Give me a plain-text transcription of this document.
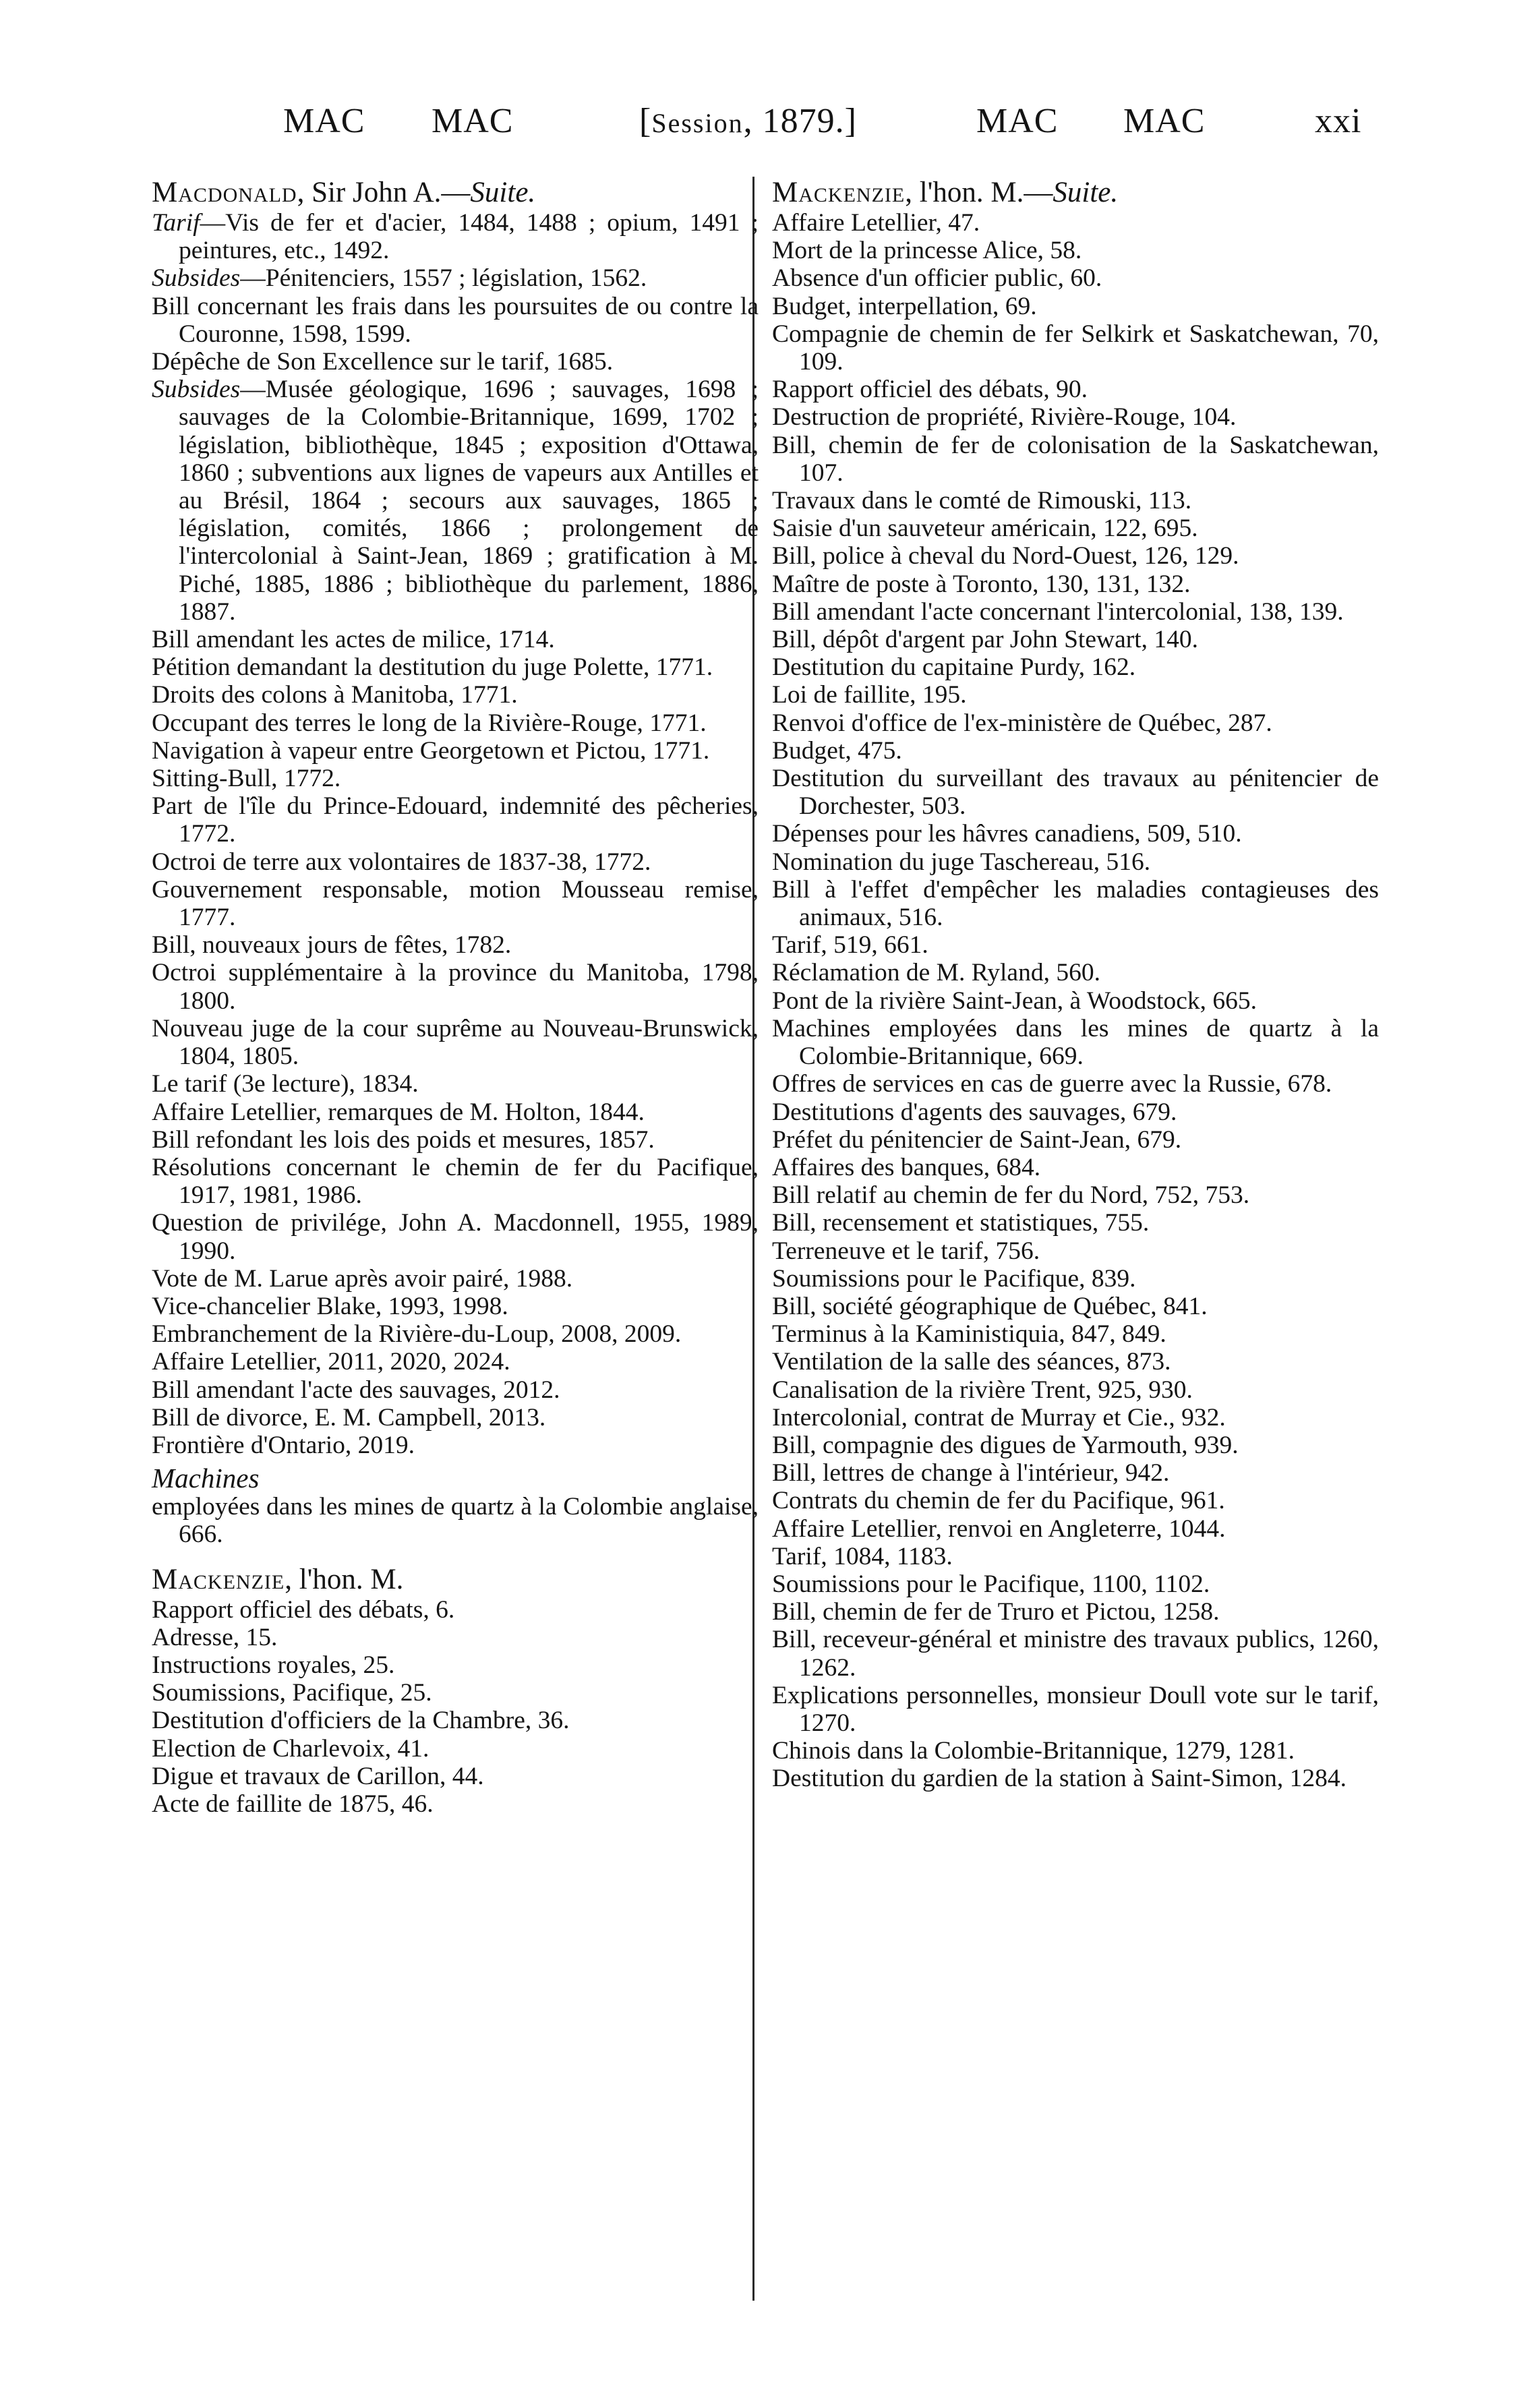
MAC MAC	[Session, 1879.]	MAC MAC	xxi

Macdonald, Sir John A.—Suite.

Tarif—Vis de fer et d'acier, 1484, 1488 ; opium, 1491 ; peintures, etc., 1492.

Subsides—Pénitenciers, 1557 ; législation, 1562.

Bill concernant les frais dans les poursuites de ou contre la Couronne, 1598, 1599.

Dépêche de Son Excellence sur le tarif, 1685.

Subsides—Musée géologique, 1696 ; sauvages, 1698 ; sauvages de la Colombie-Britannique, 1699, 1702 ; législation, bibliothèque, 1845 ; exposition d'Ottawa, 1860 ; subventions aux lignes de vapeurs aux Antilles et au Brésil, 1864 ; secours aux sauvages, 1865 ; législation, comités, 1866 ; prolongement de l'intercolonial à Saint-Jean, 1869 ; gratification à M. Piché, 1885, 1886 ; bibliothèque du parlement, 1886, 1887.

Bill amendant les actes de milice, 1714.

Pétition demandant la destitution du juge Polette, 1771.

Droits des colons à Manitoba, 1771.

Occupant des terres le long de la Rivière-Rouge, 1771.

Navigation à vapeur entre Georgetown et Pictou, 1771.

Sitting-Bull, 1772.

Part de l'île du Prince-Edouard, indemnité des pêcheries, 1772.

Octroi de terre aux volontaires de 1837-38, 1772.

Gouvernement responsable, motion Mousseau remise, 1777.

Bill, nouveaux jours de fêtes, 1782.

Octroi supplémentaire à la province du Manitoba, 1798, 1800.

Nouveau juge de la cour suprême au Nouveau-Brunswick, 1804, 1805.

Le tarif (3e lecture), 1834.

Affaire Letellier, remarques de M. Holton, 1844.

Bill refondant les lois des poids et mesures, 1857.

Résolutions concernant le chemin de fer du Pacifique, 1917, 1981, 1986.

Question de privilége, John A. Macdonnell, 1955, 1989, 1990.

Vote de M. Larue après avoir pairé, 1988.

Vice-chancelier Blake, 1993, 1998.

Embranchement de la Rivière-du-Loup, 2008, 2009.

Affaire Letellier, 2011, 2020, 2024.

Bill amendant l'acte des sauvages, 2012.

Bill de divorce, E. M. Campbell, 2013.

Frontière d'Ontario, 2019.

Machines

employées dans les mines de quartz à la Colombie anglaise, 666.

Mackenzie, l'hon. M.

Rapport officiel des débats, 6.

Adresse, 15.

Instructions royales, 25.

Soumissions, Pacifique, 25.

Destitution d'officiers de la Chambre, 36.

Election de Charlevoix, 41.

Digue et travaux de Carillon, 44.

Acte de faillite de 1875, 46.

Mackenzie, l'hon. M.—Suite.

Affaire Letellier, 47.

Mort de la princesse Alice, 58.

Absence d'un officier public, 60.

Budget, interpellation, 69.

Compagnie de chemin de fer Selkirk et Saskatchewan, 70, 109.

Rapport officiel des débats, 90.

Destruction de propriété, Rivière-Rouge, 104.

Bill, chemin de fer de colonisation de la Saskatchewan, 107.

Travaux dans le comté de Rimouski, 113.

Saisie d'un sauveteur américain, 122, 695.

Bill, police à cheval du Nord-Ouest, 126, 129.

Maître de poste à Toronto, 130, 131, 132.

Bill amendant l'acte concernant l'intercolonial, 138, 139.

Bill, dépôt d'argent par John Stewart, 140.

Destitution du capitaine Purdy, 162.

Loi de faillite, 195.

Renvoi d'office de l'ex-ministère de Québec, 287.

Budget, 475.

Destitution du surveillant des travaux au pénitencier de Dorchester, 503.

Dépenses pour les hâvres canadiens, 509, 510.

Nomination du juge Taschereau, 516.

Bill à l'effet d'empêcher les maladies contagieuses des animaux, 516.

Tarif, 519, 661.

Réclamation de M. Ryland, 560.

Pont de la rivière Saint-Jean, à Woodstock, 665.

Machines employées dans les mines de quartz à la Colombie-Britannique, 669.

Offres de services en cas de guerre avec la Russie, 678.

Destitutions d'agents des sauvages, 679.

Préfet du pénitencier de Saint-Jean, 679.

Affaires des banques, 684.

Bill relatif au chemin de fer du Nord, 752, 753.

Bill, recensement et statistiques, 755.

Terreneuve et le tarif, 756.

Soumissions pour le Pacifique, 839.

Bill, société géographique de Québec, 841.

Terminus à la Kaministiquia, 847, 849.

Ventilation de la salle des séances, 873.

Canalisation de la rivière Trent, 925, 930.

Intercolonial, contrat de Murray et Cie., 932.

Bill, compagnie des digues de Yarmouth, 939.

Bill, lettres de change à l'intérieur, 942.

Contrats du chemin de fer du Pacifique, 961.

Affaire Letellier, renvoi en Angleterre, 1044.

Tarif, 1084, 1183.

Soumissions pour le Pacifique, 1100, 1102.

Bill, chemin de fer de Truro et Pictou, 1258.

Bill, receveur-général et ministre des travaux publics, 1260, 1262.

Explications personnelles, monsieur Doull vote sur le tarif, 1270.

Chinois dans la Colombie-Britannique, 1279, 1281.

Destitution du gardien de la station à Saint-Simon, 1284.
